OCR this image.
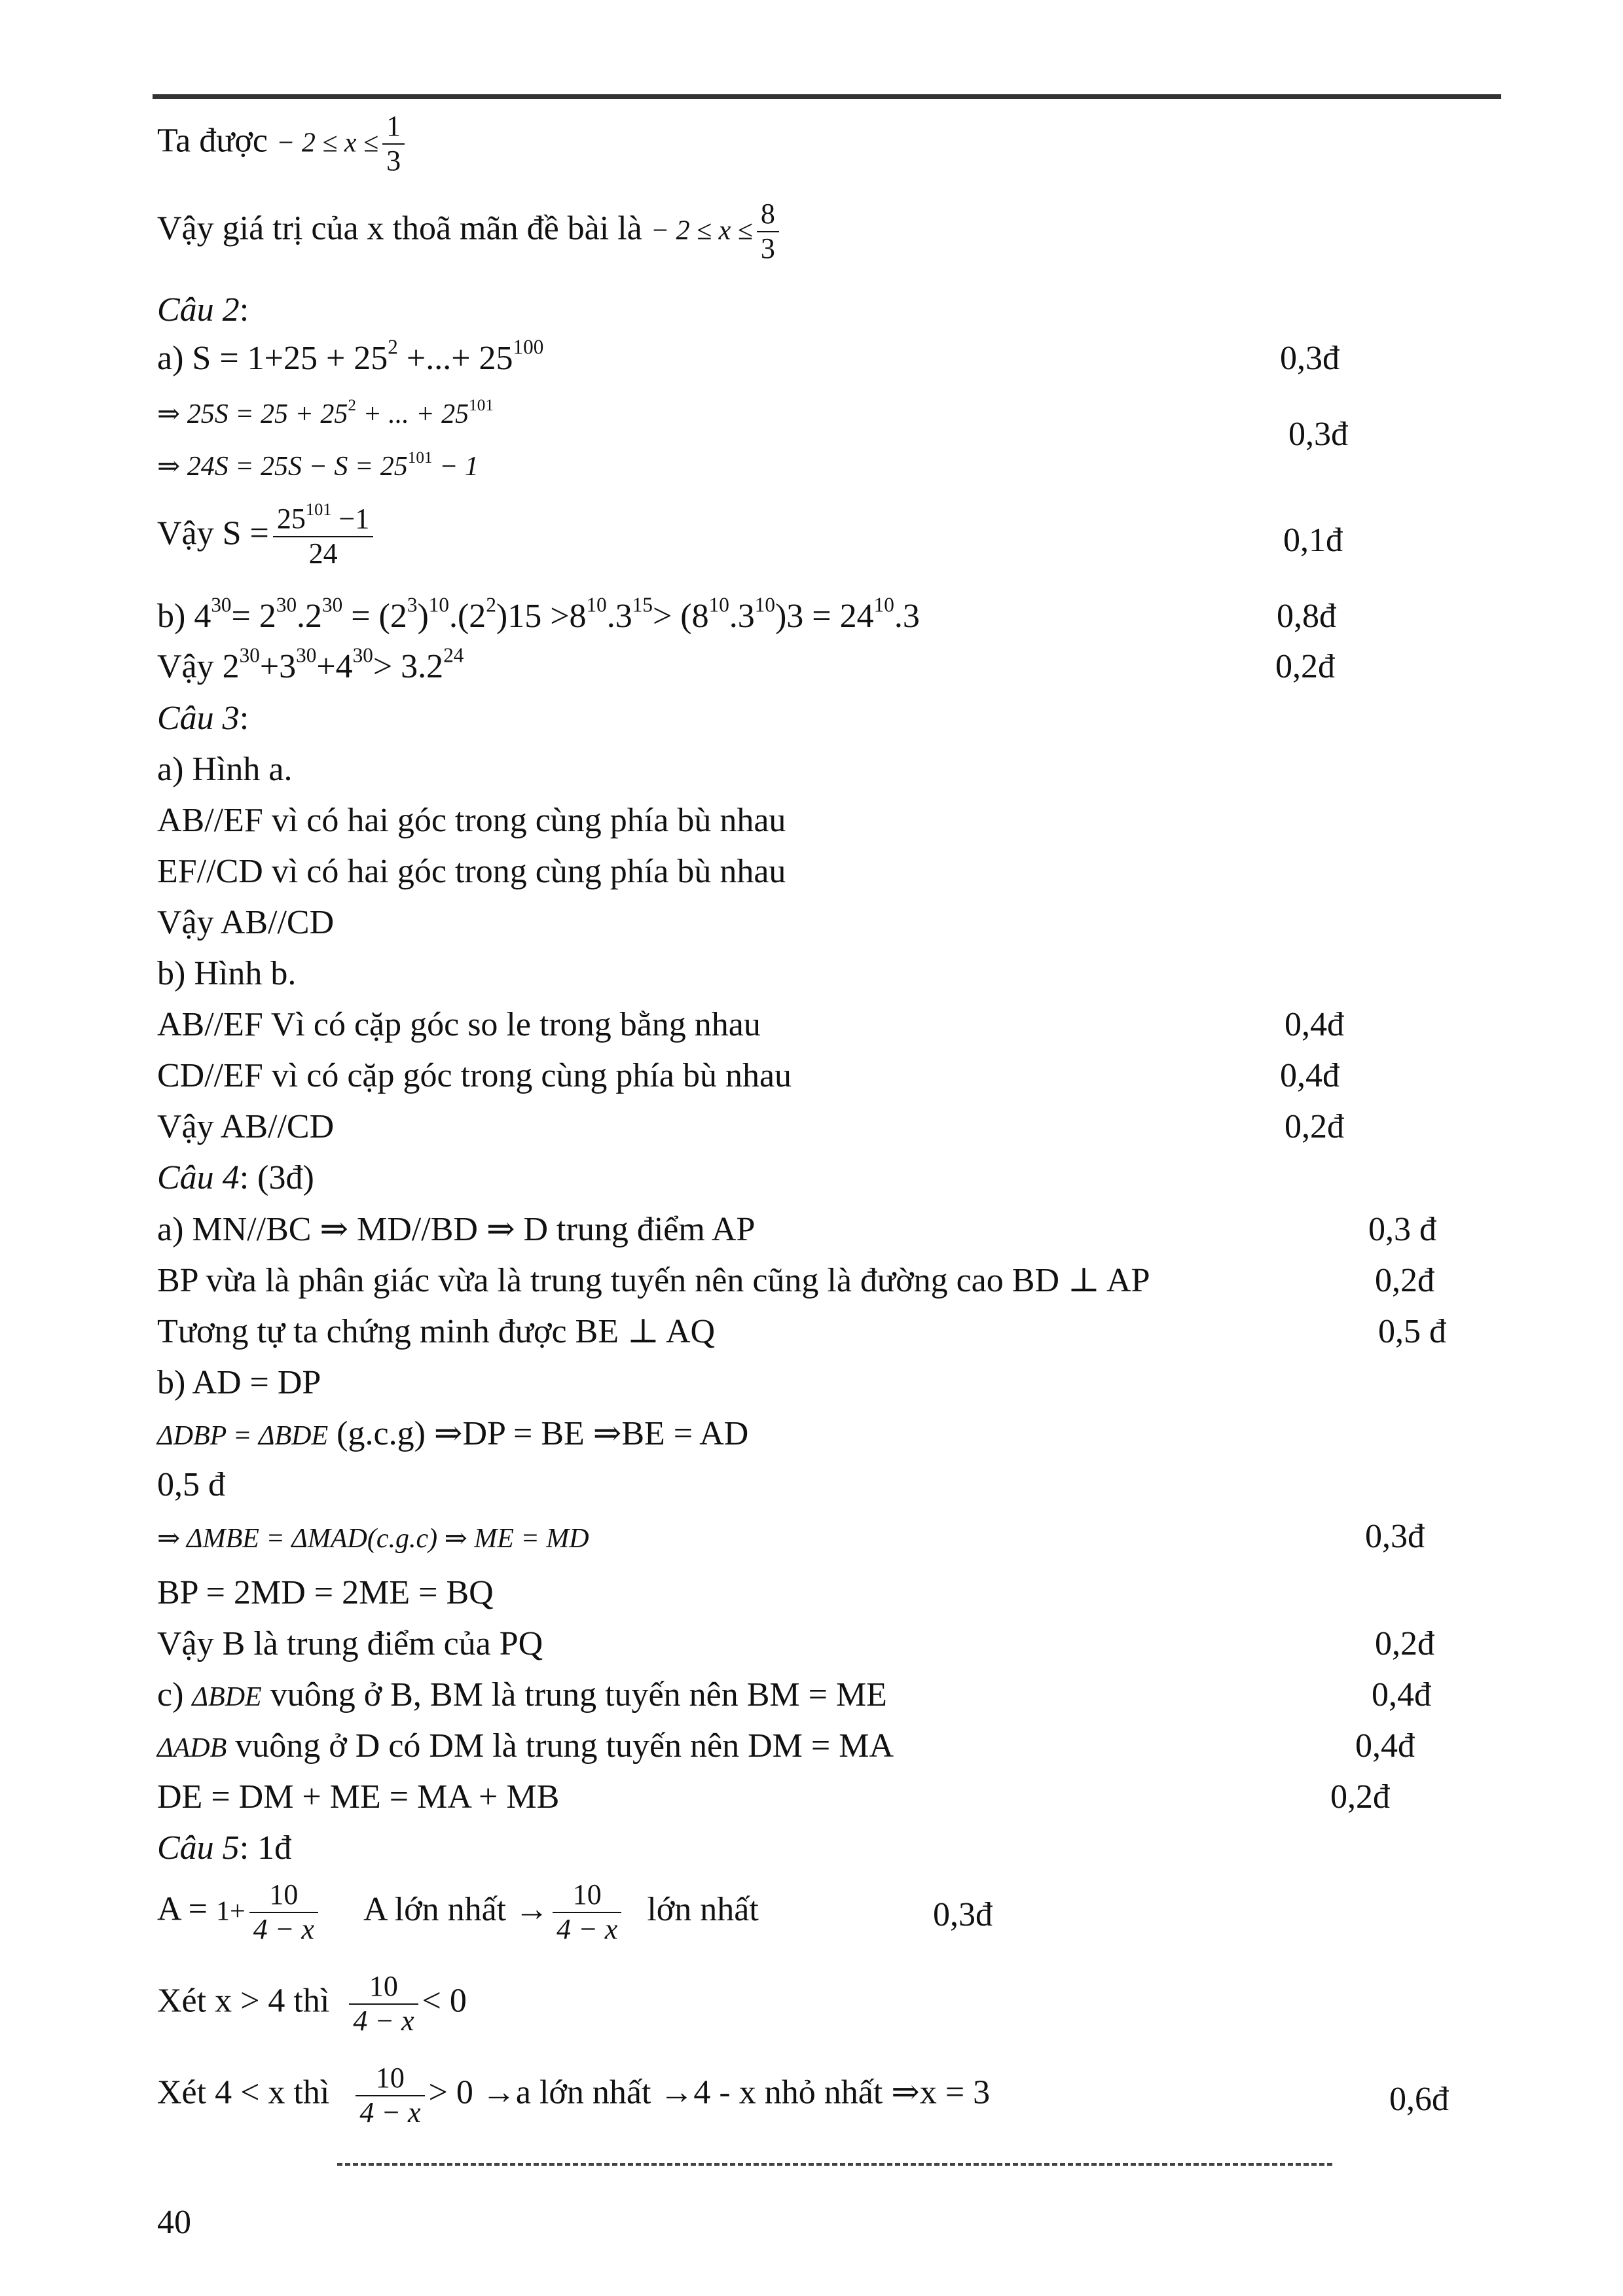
Ta được − $2 \le x \le \frac{1}{3}$
Vậy giá trị của x thoã mãn đề bài là − $2 \le x \le \frac{8}{3}$
Câu 2:
a) $S = 1+25 + 25^2$ +...+ $25^{100}$	0,3đ
⇒ $25S = 25 + 25^2$ + ... + $25^{101}$
0,3đ
⇒ $24S = 25S - S = 25^{101} - 1$
Vậy $S = \frac{25^{101} -1}{24}$	0,1đ
b) $4^{30}= 2^{30}.2^{30} = (2^3)^{10}.(2^2)15 >8^{10}.3^{15}> (8^{10}.3^{10})3 = 24^{10}.3$	0,8đ
Vậy $2^{30}+3^{30}+4^{30}> 3.2^{24}$	0,2đ
Câu 3:
a) Hình a.
AB//EF vì có hai góc trong cùng phía bù nhau
EF//CD vì có hai góc trong cùng phía bù nhau
Vậy AB//CD
b) Hình b.
AB//EF Vì có cặp góc so le trong bằng nhau	0,4đ
CD//EF vì có cặp góc trong cùng phía bù nhau	0,4đ
Vậy AB//CD	0,2đ
Câu 4: (3đ)
a) MN//BC ⇒ MD//BD ⇒ D trung điểm AP	0,3 đ
BP vừa là phân giác vừa là trung tuyến nên cũng là đường cao BD ⊥ AP	0,2đ
Tương tự ta chứng minh được BE ⊥ AQ	0,5 đ
b) AD = DP
ΔDBP = ΔBDE (g.c.g) ⇒DP = BE ⇒BE = AD
0,5 đ
⇒ ΔMBE = ΔMAD(c.g.c) ⇒ ME = MD	0,3đ
BP = 2MD = 2ME = BQ
Vậy B là trung điểm của PQ	0,2đ
c) ΔBDE vuông ở B, BM là trung tuyến nên BM = ME	0,4đ
ΔADB vuông ở D có DM là trung tuyến nên DM = MA	0,4đ
DE = DM + ME = MA + MB	0,2đ
Câu 5: 1đ
$A = 1+ \frac{10}{4 - x}$ A lớn nhất → $\frac{10}{4 - x}$ lớn nhất	0,3đ
Xét x > 4 thì $\frac{10}{4 - x} < 0$
Xét 4 < x thì $\frac{10}{4 - x} > 0 \to a$ lớn nhất →4 - x nhỏ nhất ⇒x = 3	0,6đ
40
